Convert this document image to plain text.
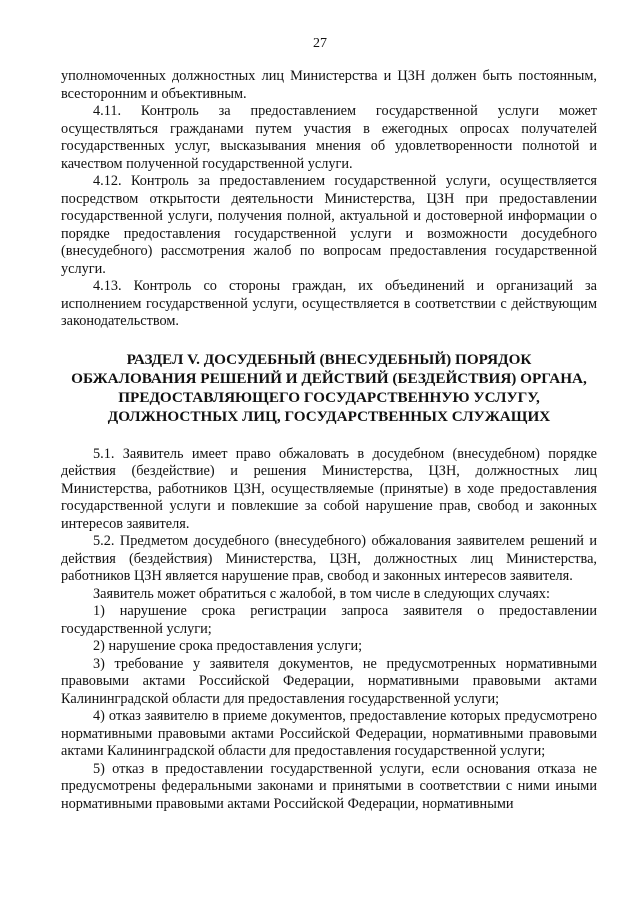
27

уполномоченных должностных лиц Министерства и ЦЗН должен быть постоянным, всесторонним и объективным.

4.11. Контроль за предоставлением государственной услуги может осуществляться гражданами путем участия в ежегодных опросах получателей государственных услуг, высказывания мнения об удовлетворенности полнотой и качеством полученной государственной услуги.

4.12. Контроль за предоставлением государственной услуги, осуществляется посредством открытости деятельности Министерства, ЦЗН при предоставлении государственной услуги, получения полной, актуальной и достоверной информации о порядке предоставления государственной услуги и возможности досудебного (внесудебного) рассмотрения жалоб по вопросам предоставления государственной услуги.

4.13. Контроль со стороны граждан, их объединений и организаций за исполнением государственной услуги, осуществляется в соответствии с действующим законодательством.

РАЗДЕЛ V. ДОСУДЕБНЫЙ (ВНЕСУДЕБНЫЙ) ПОРЯДОК
ОБЖАЛОВАНИЯ РЕШЕНИЙ И ДЕЙСТВИЙ (БЕЗДЕЙСТВИЯ) ОРГАНА,
ПРЕДОСТАВЛЯЮЩЕГО ГОСУДАРСТВЕННУЮ УСЛУГУ,
ДОЛЖНОСТНЫХ ЛИЦ, ГОСУДАРСТВЕННЫХ СЛУЖАЩИХ

5.1. Заявитель имеет право обжаловать в досудебном (внесудебном) порядке действия (бездействие) и решения Министерства, ЦЗН, должностных лиц Министерства, работников ЦЗН, осуществляемые (принятые) в ходе предоставления государственной услуги и повлекшие за собой нарушение прав, свобод и законных интересов заявителя.

5.2. Предметом досудебного (внесудебного) обжалования заявителем решений и действия (бездействия) Министерства, ЦЗН, должностных лиц Министерства, работников ЦЗН является нарушение прав, свобод и законных интересов заявителя.

Заявитель может обратиться с жалобой, в том числе в следующих случаях:

1) нарушение срока регистрации запроса заявителя о предоставлении государственной услуги;

2) нарушение срока предоставления услуги;

3) требование у заявителя документов, не предусмотренных нормативными правовыми актами Российской Федерации, нормативными правовыми актами Калининградской области для предоставления государственной услуги;

4) отказ заявителю в приеме документов, предоставление которых предусмотрено нормативными правовыми актами Российской Федерации, нормативными правовыми актами Калининградской области для предоставления государственной услуги;

5) отказ в предоставлении государственной услуги, если основания отказа не предусмотрены федеральными законами и принятыми в соответствии с ними иными нормативными правовыми актами Российской Федерации, нормативными
